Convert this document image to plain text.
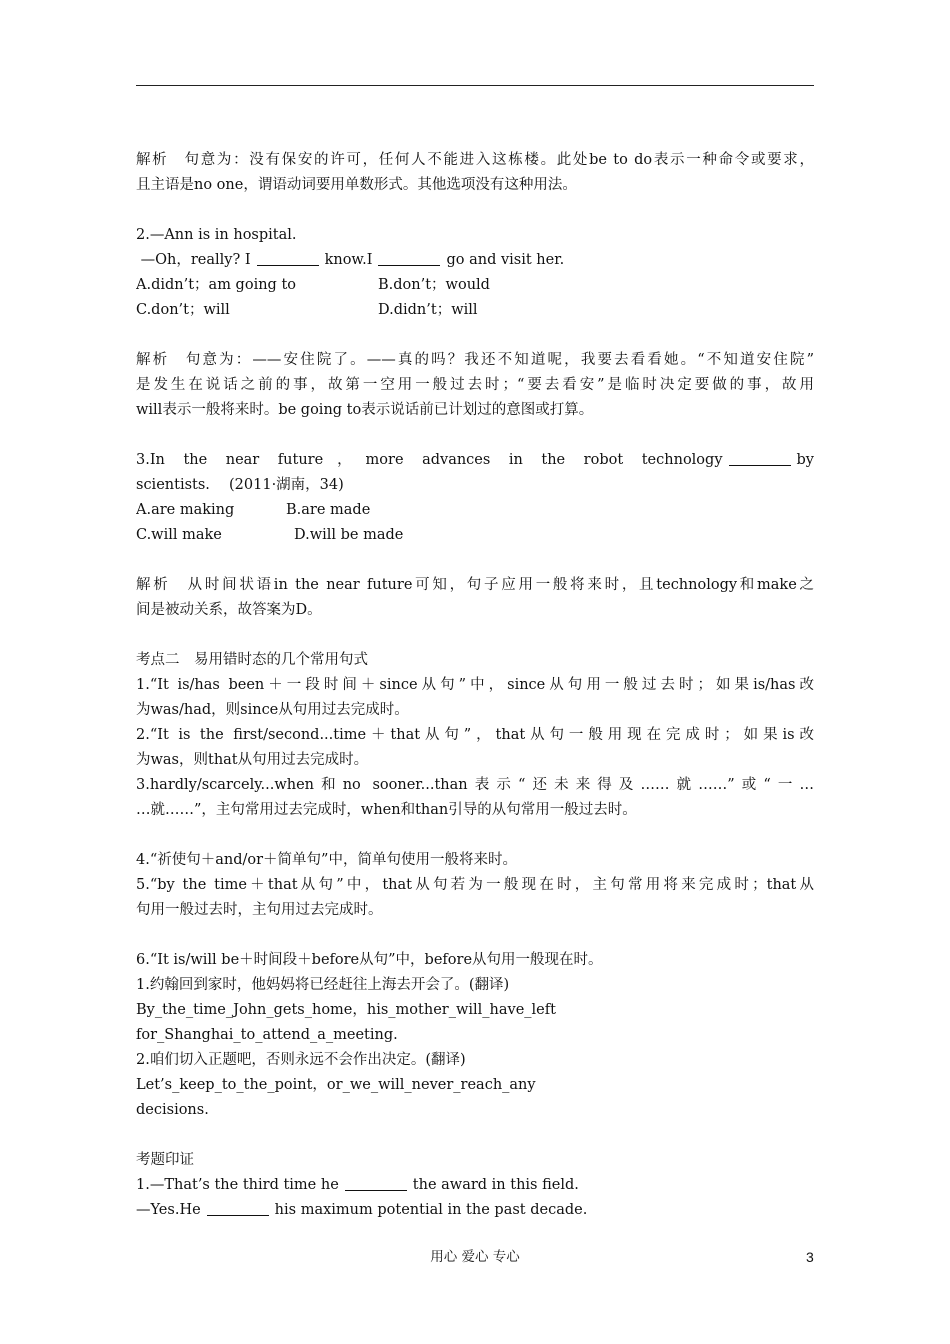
解析　句意为：没有保安的许可，任何人不能进入这栋楼。此处be to do表示一种命令或要求，
且主语是no one，谓语动词要用单数形式。其他选项没有这种用法。
2.—Ann is in hospital.
—Oh，really? I	know.I	go and visit her.
A.didn’t；am going to	B.don’t；would
C.don’t；will	D.didn’t；will
解析　句意为：——安住院了。——真的吗？我还不知道呢，我要去看看她。“不知道安住院”
是发生在说话之前的事，故第一空用一般过去时；“要去看安”是临时决定要做的事，故用
will表示一般将来时。be going to表示说话前已计划过的意图或打算。
3.In the near future，more advances in the robot technology	by
scientists.　 (2011·湖南，34)
A.are making	B.are made
C.will make	D.will be made
解析　从时间状语in the near future可知，句子应用一般将来时，且technology和make之
间是被动关系，故答案为D。
考点二　易用错时态的几个常用句式
1.“It is/has been＋一段时间＋since从句”中，since从句用一般过去时；如果is/has改
为was/had，则since从句用过去完成时。
2.“It is the first/second...time＋that从句”，that从句一般用现在完成时；如果is改
为was，则that从句用过去完成时。
3.hardly/scarcely...when和no sooner...than表示“还未来得及……就……”或“一…
…就……”，主句常用过去完成时，when和than引导的从句常用一般过去时。
4.“祈使句＋and/or＋简单句”中，简单句使用一般将来时。
5.“by the time＋that从句”中，that从句若为一般现在时，主句常用将来完成时；that从
句用一般过去时，主句用过去完成时。
6.“It is/will be＋时间段＋before从句”中，before从句用一般现在时。
1.约翰回到家时，他妈妈将已经赶往上海去开会了。(翻译)
By_the_time_John_gets_home，his_mother_will_have_left
for_Shanghai_to_attend_a_meeting.
2.咱们切入正题吧，否则永远不会作出决定。(翻译)
Let’s_keep_to_the_point，or_we_will_never_reach_any
decisions.
考题印证
1.—That’s the third time he	the award in this field.
—Yes.He	his maximum potential in the past decade.
用心 爱心 专心	3
